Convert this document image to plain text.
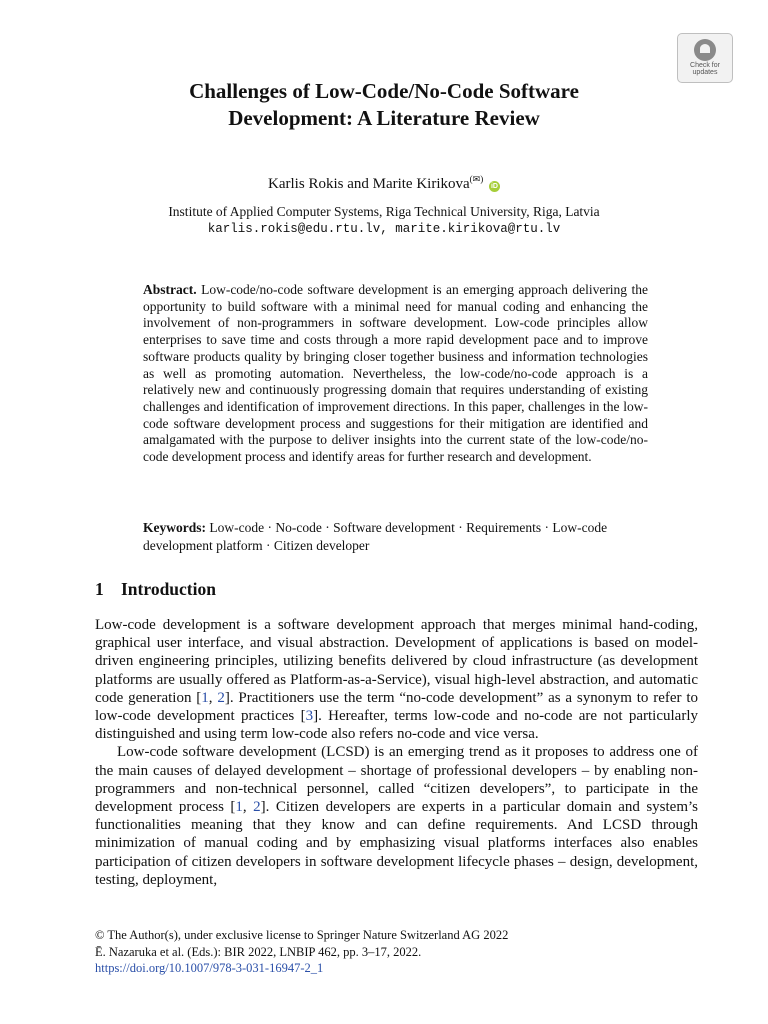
Check for
updates
Challenges of Low-Code/No-Code Software
Development: A Literature Review
Karlis Rokis and Marite Kirikova(✉) iD
Institute of Applied Computer Systems, Riga Technical University, Riga, Latvia
karlis.rokis@edu.rtu.lv, marite.kirikova@rtu.lv

Abstract. Low-code/no-code software development is an emerging approach delivering the opportunity to build software with a minimal need for manual coding and enhancing the involvement of non-programmers in software development. Low-code principles allow enterprises to save time and costs through a more rapid development pace and to improve software products quality by bringing closer together business and information technologies as well as promoting automation. Nevertheless, the low-code/no-code approach is a relatively new and continuously progressing domain that requires understanding of existing challenges and identification of improvement directions. In this paper, challenges in the low-code software development process and suggestions for their mitigation are identified and amalgamated with the purpose to deliver insights into the current state of the low-code/no-code development process and identify areas for further research and development.

Keywords: Low-code · No-code · Software development · Requirements · Low-code development platform · Citizen developer

1 Introduction

Low-code development is a software development approach that merges minimal hand-coding, graphical user interface, and visual abstraction. Development of applications is based on model-driven engineering principles, utilizing benefits delivered by cloud infrastructure (as development platforms are usually offered as Platform-as-a-Service), visual high-level abstraction, and automatic code generation [1, 2]. Practitioners use the term “no-code development” as a synonym to refer to low-code development practices [3]. Hereafter, terms low-code and no-code are not particularly distinguished and using term low-code also refers no-code and vice versa.

Low-code software development (LCSD) is an emerging trend as it proposes to address one of the main causes of delayed development – shortage of professional developers – by enabling non-programmers and non-technical personnel, called “citizen developers”, to participate in the development process [1, 2]. Citizen developers are experts in a particular domain and system’s functionalities meaning that they know and can define requirements. And LCSD through minimization of manual coding and by emphasizing visual platforms interfaces also enables participation of citizen developers in software development lifecycle phases – design, development, testing, deployment,

© The Author(s), under exclusive license to Springer Nature Switzerland AG 2022
Ē. Nazaruka et al. (Eds.): BIR 2022, LNBIP 462, pp. 3–17, 2022.
https://doi.org/10.1007/978-3-031-16947-2_1
